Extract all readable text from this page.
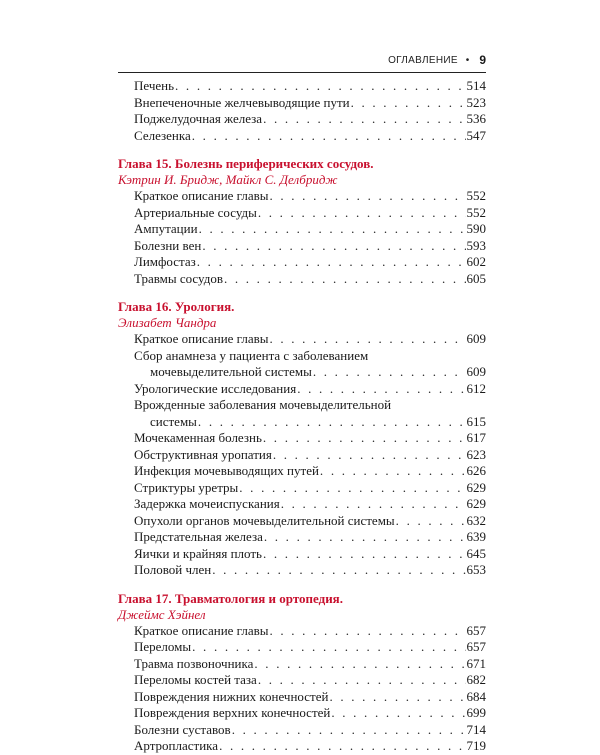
ОГЛАВЛЕНИЕ • 9
Печень . . .	514
Внепеченочные желчевыводящие пути . . .	523
Поджелудочная железа . . .	536
Селезенка . . .	547
Глава 15. Болезнь периферических сосудов.
Кэтрин И. Бридж, Майкл С. Делбридж
Краткое описание главы . . .	552
Артериальные сосуды . . .	552
Ампутации . . .	590
Болезни вен . . .	593
Лимфостаз . . .	602
Травмы сосудов . . .	605
Глава 16. Урология.
Элизабет Чандра
Краткое описание главы . . .	609
Сбор анамнеза у пациента с заболеванием
мочевыделительной системы . . .	609
Урологические исследования . . .	612
Врожденные заболевания мочевыделительной
системы . . .	615
Мочекаменная болезнь . . .	617
Обструктивная уропатия . . .	623
Инфекция мочевыводящих путей . . .	626
Стриктуры уретры . . .	629
Задержка мочеиспускания . . .	629
Опухоли органов мочевыделительной системы . . .	632
Предстательная железа . . .	639
Яички и крайняя плоть . . .	645
Половой член . . .	653
Глава 17. Травматология и ортопедия.
Джеймс Хэйнел
Краткое описание главы . . .	657
Переломы . . .	657
Травма позвоночника . . .	671
Переломы костей таза . . .	682
Повреждения нижних конечностей . . .	684
Повреждения верхних конечностей . . .	699
Болезни суставов . . .	714
Артропластика . . .	719
